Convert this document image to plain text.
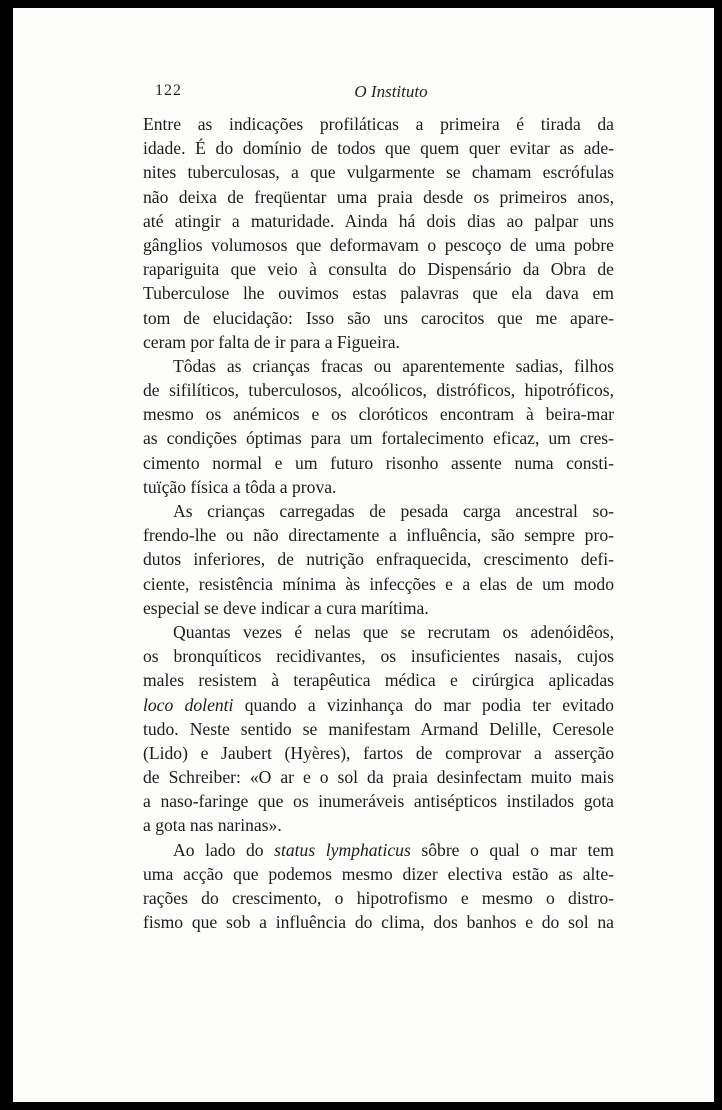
122	O Instituto

Entre as indicações profiláticas a primeira é tirada da
idade. É do domínio de todos que quem quer evitar as ade-
nites tuberculosas, a que vulgarmente se chamam escrófulas
não deixa de freqüentar uma praia desde os primeiros anos,
até atingir a maturidade. Ainda há dois dias ao palpar uns
gânglios volumosos que deformavam o pescoço de uma pobre
rapariguita que veio à consulta do Dispensário da Obra de
Tuberculose lhe ouvimos estas palavras que ela dava em
tom de elucidação: Isso são uns carocitos que me apare-
ceram por falta de ir para a Figueira.

Tôdas as crianças fracas ou aparentemente sadias, filhos
de sifilíticos, tuberculosos, alcoólicos, distróficos, hipotróficos,
mesmo os anémicos e os cloróticos encontram à beira-mar
as condições óptimas para um fortalecimento eficaz, um cres-
cimento normal e um futuro risonho assente numa consti-
tuïção física a tôda a prova.

As crianças carregadas de pesada carga ancestral so-
frendo-lhe ou não directamente a influência, são sempre pro-
dutos inferiores, de nutrição enfraquecida, crescimento defi-
ciente, resistência mínima às infecções e a elas de um modo
especial se deve indicar a cura marítima.

Quantas vezes é nelas que se recrutam os adenóidêos,
os bronquíticos recidivantes, os insuficientes nasais, cujos
males resistem à terapêutica médica e cirúrgica aplicadas
loco dolenti quando a vizinhança do mar podia ter evitado
tudo. Neste sentido se manifestam Armand Delille, Ceresole
(Lido) e Jaubert (Hyères), fartos de comprovar a asserção
de Schreiber: «O ar e o sol da praia desinfectam muito mais
a naso-faringe que os inumeráveis antisépticos instilados gota
a gota nas narinas».

Ao lado do status lymphaticus sôbre o qual o mar tem
uma acção que podemos mesmo dizer electiva estão as alte-
rações do crescimento, o hipotrofismo e mesmo o distro-
fismo que sob a influência do clima, dos banhos e do sol na
